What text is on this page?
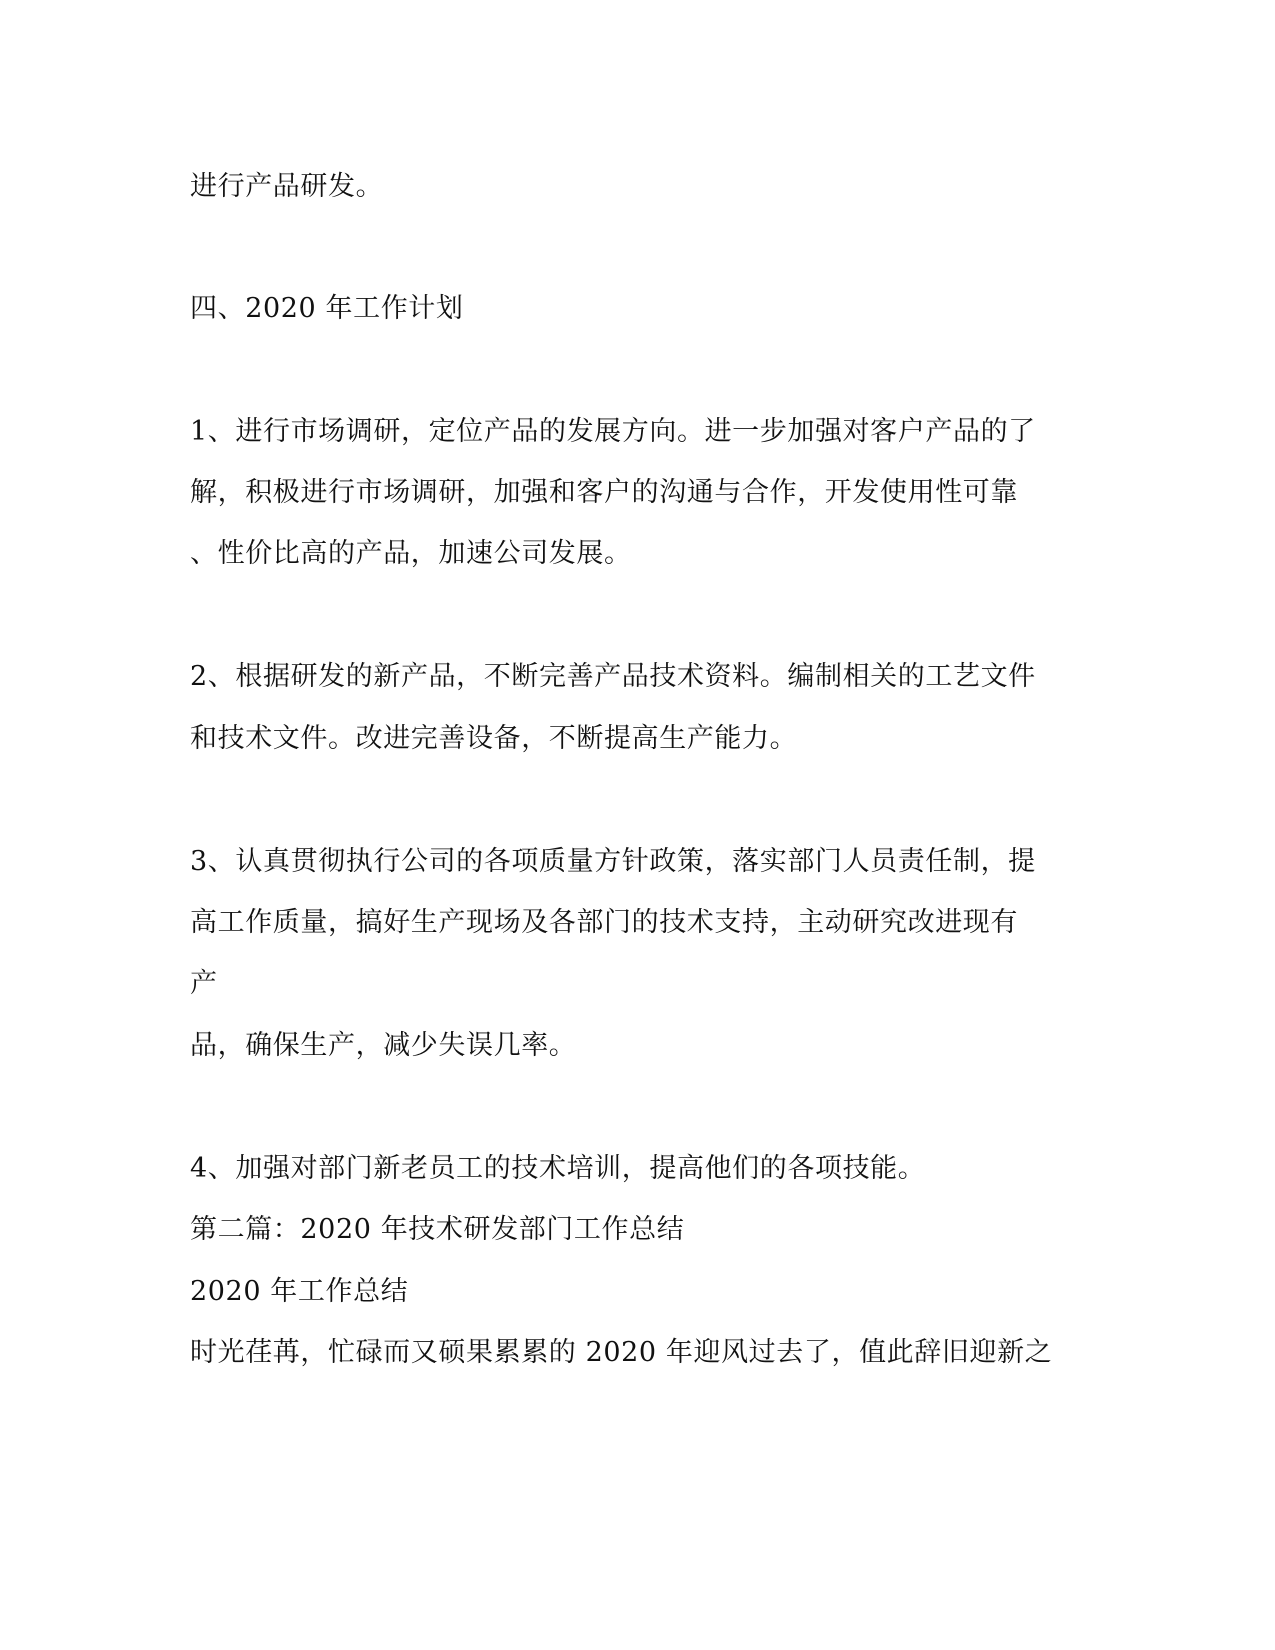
进行产品研发。
四、2020 年工作计划
1、进行市场调研，定位产品的发展方向。进一步加强对客户产品的了
解，积极进行市场调研，加强和客户的沟通与合作，开发使用性可靠
、性价比高的产品，加速公司发展。
2、根据研发的新产品，不断完善产品技术资料。编制相关的工艺文件
和技术文件。改进完善设备，不断提高生产能力。
3、认真贯彻执行公司的各项质量方针政策，落实部门人员责任制，提
高工作质量，搞好生产现场及各部门的技术支持，主动研究改进现有
产
品，确保生产，减少失误几率。
4、加强对部门新老员工的技术培训，提高他们的各项技能。
第二篇：2020 年技术研发部门工作总结
2020 年工作总结
时光荏苒，忙碌而又硕果累累的 2020 年迎风过去了，值此辞旧迎新之
